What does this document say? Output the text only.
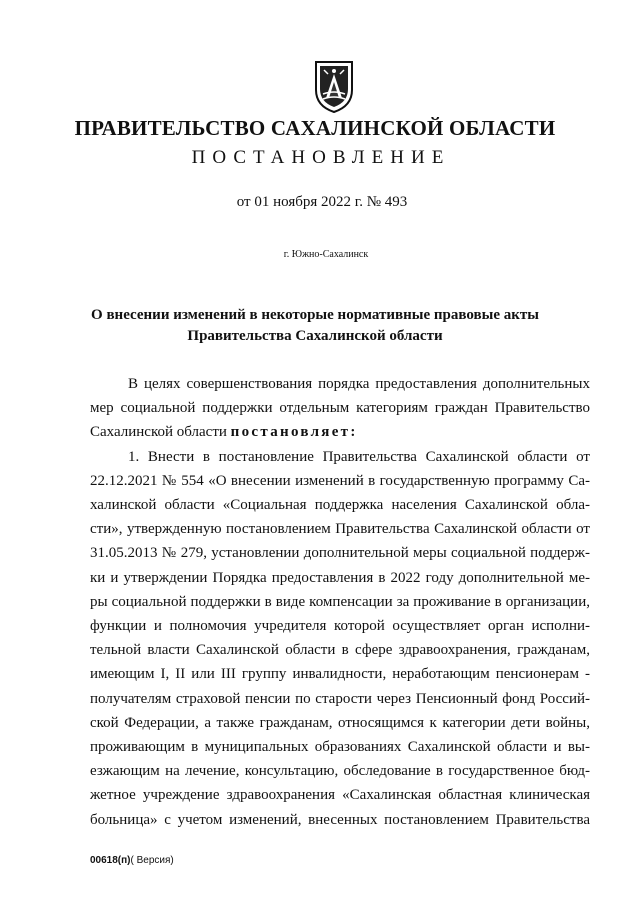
ПРАВИТЕЛЬСТВО САХАЛИНСКОЙ ОБЛАСТИ
ПОСТАНОВЛЕНИЕ
от 01 ноября 2022 г. № 493
г. Южно-Сахалинск
О внесении изменений в некоторые нормативные правовые акты
Правительства Сахалинской области
В целях совершенствования порядка предоставления дополнительных
мер социальной поддержки отдельным категориям граждан Правительство
Сахалинской области постановляет:
1. Внести в постановление Правительства Сахалинской области от
22.12.2021 № 554 «О внесении изменений в государственную программу Са-
халинской области «Социальная поддержка населения Сахалинской обла-
сти», утвержденную постановлением Правительства Сахалинской области от
31.05.2013 № 279, установлении дополнительной меры социальной поддерж-
ки и утверждении Порядка предоставления в 2022 году дополнительной ме-
ры социальной поддержки в виде компенсации за проживание в организации,
функции и полномочия учредителя которой осуществляет орган исполни-
тельной власти Сахалинской области в сфере здравоохранения, гражданам,
имеющим I, II или III группу инвалидности, неработающим пенсионерам -
получателям страховой пенсии по старости через Пенсионный фонд Россий-
ской Федерации, а также гражданам, относящимся к категории дети войны,
проживающим в муниципальных образованиях Сахалинской области и вы-
езжающим на лечение, консультацию, обследование в государственное бюд-
жетное учреждение здравоохранения «Сахалинская областная клиническая
больница» с учетом изменений, внесенных постановлением Правительства
00618(п)( Версия)
